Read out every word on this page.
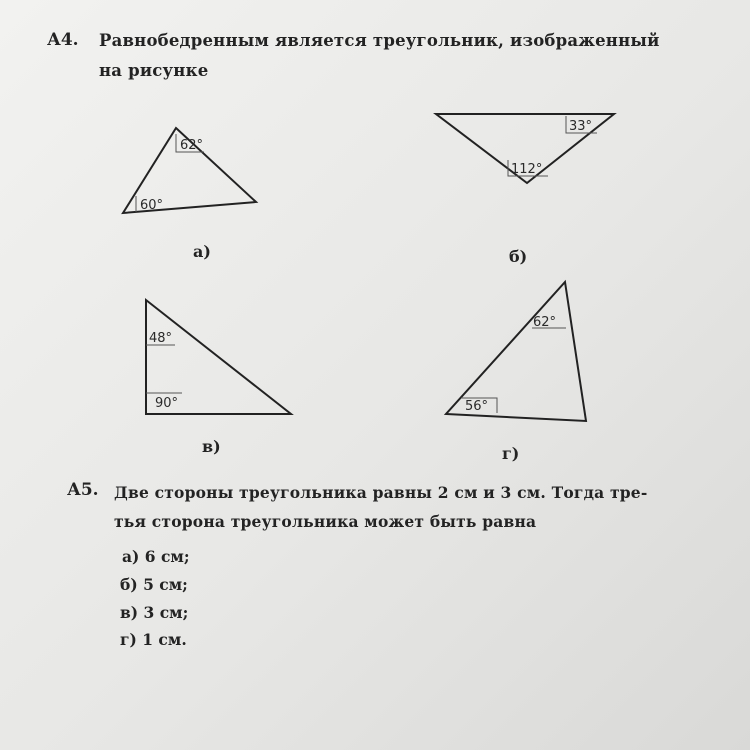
А4. Равнобедренным является треугольник, изображенный
на рисунке
62°
60°
33°
112°
48°
90°
62°
56°
а)	б)
в)	г)
А5. Две стороны треугольника равны 2 см и 3 см. Тогда тре-
тья сторона треугольника может быть равна
а) 6 см;
б) 5 см;
в) 3 см;
г) 1 см.
